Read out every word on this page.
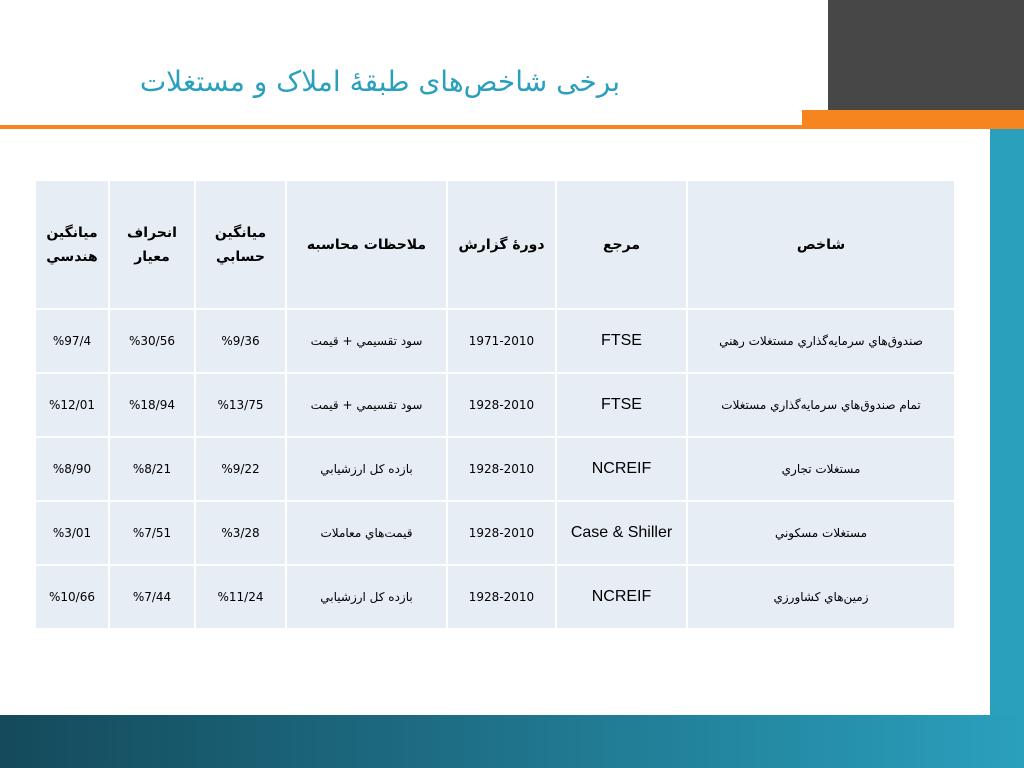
برخی شاخص‌های طبقهٔ املاک و مستغلات
شاخص	مرجع	دورهٔ گزارش	ملاحظات محاسبه	میانگین حسابي	انحراف معیار	میانگین هندسي
صندوق‌هاي سرمایه‌گذاري مستغلات رهني	FTSE	1971-2010	سود تقسیمي + قیمت	%9/36	%30/56	%97/4
تمام صندوق‌هاي سرمایه‌گذاري مستغلات	FTSE	1928-2010	سود تقسیمي + قیمت	%13/75	%18/94	%12/01
مستغلات تجاري	NCREIF	1928-2010	بازده کل ارزشیابي	%9/22	%8/21	%8/90
مستغلات مسکوني	Case & Shiller	1928-2010	قیمت‌هاي معاملات	%3/28	%7/51	%3/01
زمین‌هاي کشاورزي	NCREIF	1928-2010	بازده کل ارزشیابي	%11/24	%7/44	%10/66
